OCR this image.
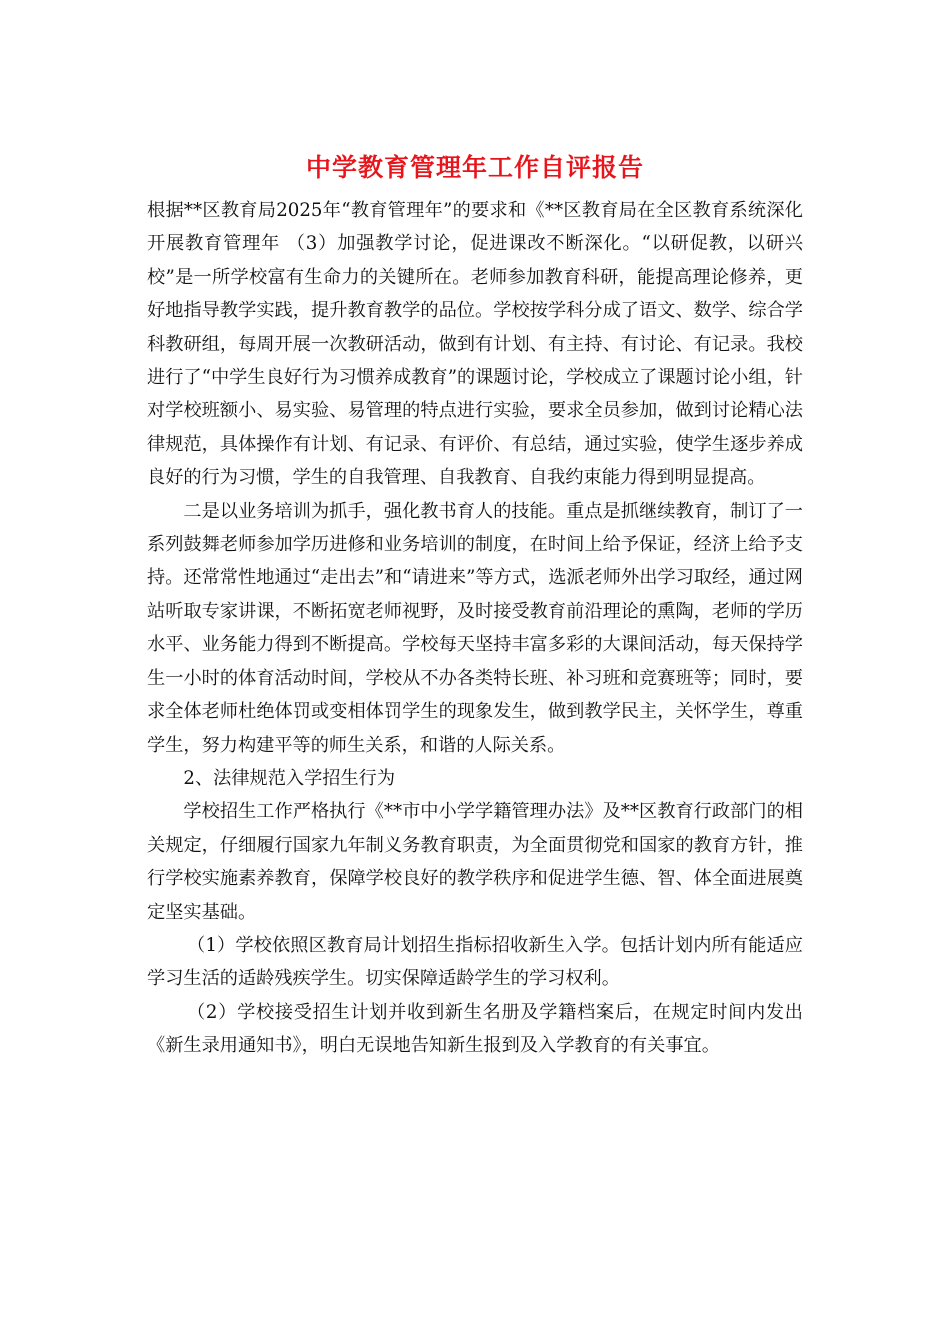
中学教育管理年工作自评报告

根据**区教育局2025年“教育管理年”的要求和《**区教育局在全区教育系统深化开展教育管理年 （3）加强教学讨论，促进课改不断深化。“以研促教，以研兴校”是一所学校富有生命力的关键所在。老师参加教育科研，能提高理论修养，更好地指导教学实践，提升教育教学的品位。学校按学科分成了语文、数学、综合学科教研组，每周开展一次教研活动，做到有计划、有主持、有讨论、有记录。我校进行了“中学生良好行为习惯养成教育”的课题讨论，学校成立了课题讨论小组，针对学校班额小、易实验、易管理的特点进行实验，要求全员参加，做到讨论精心法律规范，具体操作有计划、有记录、有评价、有总结，通过实验，使学生逐步养成良好的行为习惯，学生的自我管理、自我教育、自我约束能力得到明显提高。

二是以业务培训为抓手，强化教书育人的技能。重点是抓继续教育，制订了一系列鼓舞老师参加学历进修和业务培训的制度，在时间上给予保证，经济上给予支持。还常常性地通过“走出去”和“请进来”等方式，选派老师外出学习取经，通过网站听取专家讲课，不断拓宽老师视野，及时接受教育前沿理论的熏陶，老师的学历水平、业务能力得到不断提高。学校每天坚持丰富多彩的大课间活动，每天保持学生一小时的体育活动时间，学校从不办各类特长班、补习班和竞赛班等；同时，要求全体老师杜绝体罚或变相体罚学生的现象发生，做到教学民主，关怀学生，尊重学生，努力构建平等的师生关系，和谐的人际关系。

2、法律规范入学招生行为

学校招生工作严格执行《**市中小学学籍管理办法》及**区教育行政部门的相关规定，仔细履行国家九年制义务教育职责，为全面贯彻党和国家的教育方针，推行学校实施素养教育，保障学校良好的教学秩序和促进学生德、智、体全面进展奠定坚实基础。

（1）学校依照区教育局计划招生指标招收新生入学。包括计划内所有能适应学习生活的适龄残疾学生。切实保障适龄学生的学习权利。

（2）学校接受招生计划并收到新生名册及学籍档案后，在规定时间内发出《新生录用通知书》，明白无误地告知新生报到及入学教育的有关事宜。
